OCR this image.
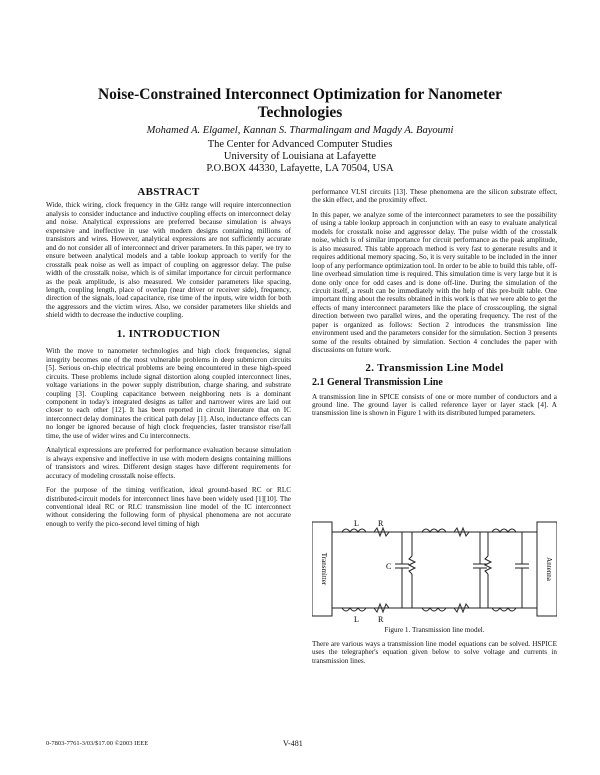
Noise-Constrained Interconnect Optimization for Nanometer
Technologies
Mohamed A. Elgamel, Kannan S. Tharmalingam and Magdy A. Bayoumi
The Center for Advanced Computer Studies
University of Louisiana at Lafayette
P.O.BOX 44330, Lafayette, LA 70504, USA
ABSTRACT

Wide, thick wiring, clock frequency in the GHz range will require interconnection analysis to consider inductance and inductive coupling effects on interconnect delay and noise. Analytical expressions are preferred because simulation is always expensive and ineffective in use with modern designs containing millions of transistors and wires. However, analytical expressions are not sufficiently accurate and do not consider all of interconnect and driver parameters. In this paper, we try to ensure between analytical models and a table lookup approach to verify for the crosstalk peak noise as well as impact of coupling on aggressor delay. The pulse width of the crosstalk noise, which is of similar importance for circuit performance as the peak amplitude, is also measured. We consider parameters like spacing, length, coupling length, place of overlap (near driver or receiver side), frequency, direction of the signals, load capacitance, rise time of the inputs, wire width for both the aggressors and the victim wires. Also, we consider parameters like shields and shield width to decrease the inductive coupling.

1. INTRODUCTION

With the move to nanometer technologies and high clock frequencies, signal integrity becomes one of the most vulnerable problems in deep submicron circuits [5]. Serious on-chip electrical problems are being encountered in these high-speed circuits. These problems include signal distortion along coupled interconnect lines, voltage variations in the power supply distribution, charge sharing, and substrate coupling [3]. Coupling capacitance between neighboring nets is a dominant component in today's integrated designs as taller and narrower wires are laid out closer to each other [12]. It has been reported in circuit literature that on IC interconnect delay dominates the critical path delay [1]. Also, inductance effects can no longer be ignored because of high clock frequencies, faster transistor rise/fall time, the use of wider wires and Cu interconnects.

Analytical expressions are preferred for performance evaluation because simulation is always expensive and ineffective in use with modern designs containing millions of transistors and wires. Different design stages have different requirements for accuracy of modeling crosstalk noise effects.

For the purpose of the timing verification, ideal ground-based RC or RLC distributed-circuit models for interconnect lines have been widely used [1][10]. The conventional ideal RC or RLC transmission line model of the IC interconnect without considering the following form of physical phenomena are not accurate enough to verify the pico-second level timing of high

performance VLSI circuits [13]. These phenomena are the silicon substrate effect, the skin effect, and the proximity effect.

In this paper, we analyze some of the interconnect parameters to see the possibility of using a table lookup approach in conjunction with an easy to evaluate analytical models for crosstalk noise and aggressor delay. The pulse width of the crosstalk noise, which is of similar importance for circuit performance as the peak amplitude, is also measured. This table approach method is very fast to generate results and it requires additional memory spacing. So, it is very suitable to be included in the inner loop of any performance optimization tool. In order to be able to build this table, off-line overhead simulation time is required. This simulation time is very large but it is done only once for odd cases and is done off-line. During the simulation of the circuit itself, a result can be immediately with the help of this pre-built table. One important thing about the results obtained in this work is that we were able to get the effects of many interconnect parameters like the place of crosscoupling, the signal direction between two parallel wires, and the operating frequency. The rest of the paper is organized as follows: Section 2 introduces the transmission line environment used and the parameters consider for the simulation. Section 3 presents some of the results obtained by simulation. Section 4 concludes the paper with discussions on future work.

2. Transmission Line Model
2.1 General Transmission Line

A transmission line in SPICE consists of one or more number of conductors and a ground line. The ground layer is called reference layer or layer stack [4]. A transmission line is shown in Figure 1 with its distributed lumped parameters.

Transmitter	Antenna
L R
L R
C
Figure 1. Transmission line model.

There are various ways a transmission line model equations can be solved. HSPICE uses the telegrapher's equation given below to solve voltage and currents in transmission lines.

0-7803-7761-3/03/$17.00 ©2003 IEEE	V-481
